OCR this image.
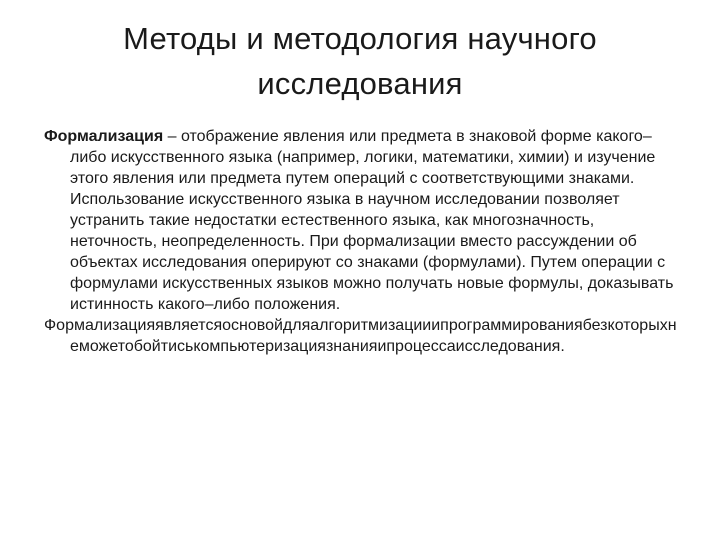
Методы и методология научного исследования

Формализация – отображение явления или предмета в знаковой форме какого–либо искусственного языка (например, логики, математики, химии) и изучение этого явления или предмета путем операций с соответствующими знаками. Использование искусственного языка в научном исследовании позволяет устранить такие недостатки естественного языка, как многозначность, неточность, неопределенность. При формализации вместо рассуждении об объектах исследования оперируют со знаками (формулами). Путем операции с формулами искусственных языков можно получать новые формулы, доказывать истинность какого–либо положения.

Формализацияявляетсяосновойдляалгоритмизацииипрограммированиябезкоторыхнеможетобойтиськомпьютеризациязнанияипроцессаисследования.
